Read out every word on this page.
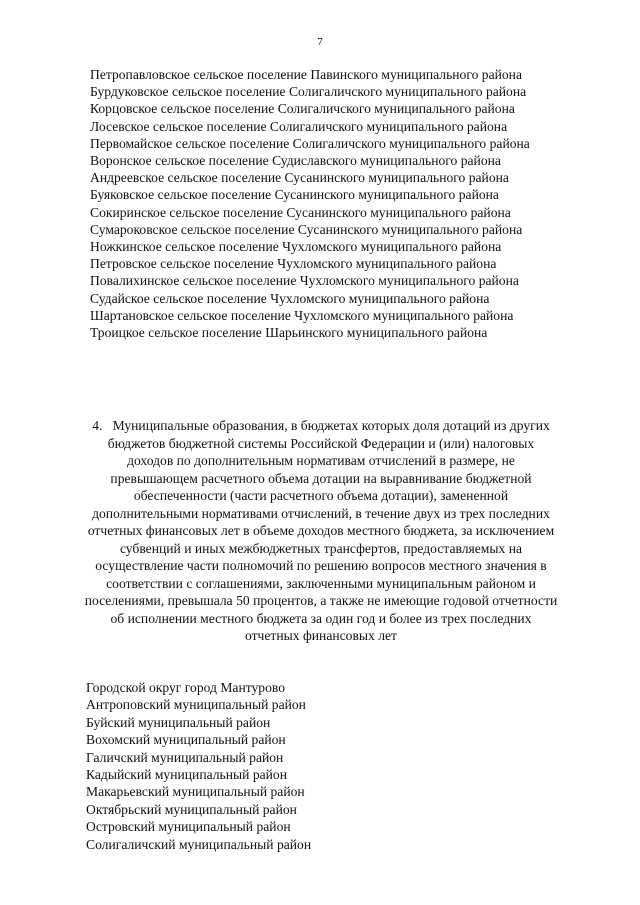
7
Петропавловское сельское поселение Павинского муниципального района
Бурдуковское сельское поселение Солигаличского муниципального района
Корцовское сельское поселение Солигаличского муниципального района
Лосевское сельское поселение Солигаличского муниципального района
Первомайское сельское поселение Солигаличского муниципального района
Воронское сельское поселение Судиславского муниципального района
Андреевское сельское поселение Сусанинского муниципального района
Буяковское сельское поселение Сусанинского муниципального района
Сокиринское сельское поселение Сусанинского муниципального района
Сумароковское сельское поселение Сусанинского муниципального района
Ножкинское сельское поселение Чухломского муниципального района
Петровское сельское поселение Чухломского муниципального района
Повалихинское сельское поселение Чухломского муниципального района
Судайское сельское поселение Чухломского муниципального района
Шартановское сельское поселение Чухломского муниципального района
Троицкое сельское поселение Шарьинского муниципального района
4. Муниципальные образования, в бюджетах которых доля дотаций из других бюджетов бюджетной системы Российской Федерации и (или) налоговых доходов по дополнительным нормативам отчислений в размере, не превышающем расчетного объема дотации на выравнивание бюджетной обеспеченности (части расчетного объема дотации), замененной дополнительными нормативами отчислений, в течение двух из трех последних отчетных финансовых лет в объеме доходов местного бюджета, за исключением субвенций и иных межбюджетных трансфертов, предоставляемых на осуществление части полномочий по решению вопросов местного значения в соответствии с соглашениями, заключенными муниципальным районом и поселениями, превышала 50 процентов, а также не имеющие годовой отчетности об исполнении местного бюджета за один год и более из трех последних отчетных финансовых лет
Городской округ город Мантурово
Антроповский муниципальный район
Буйский муниципальный район
Вохомский муниципальный район
Галичский муниципальный район
Кадыйский муниципальный район
Макарьевский муниципальный район
Октябрьский муниципальный район
Островский муниципальный район
Солигаличский муниципальный район
